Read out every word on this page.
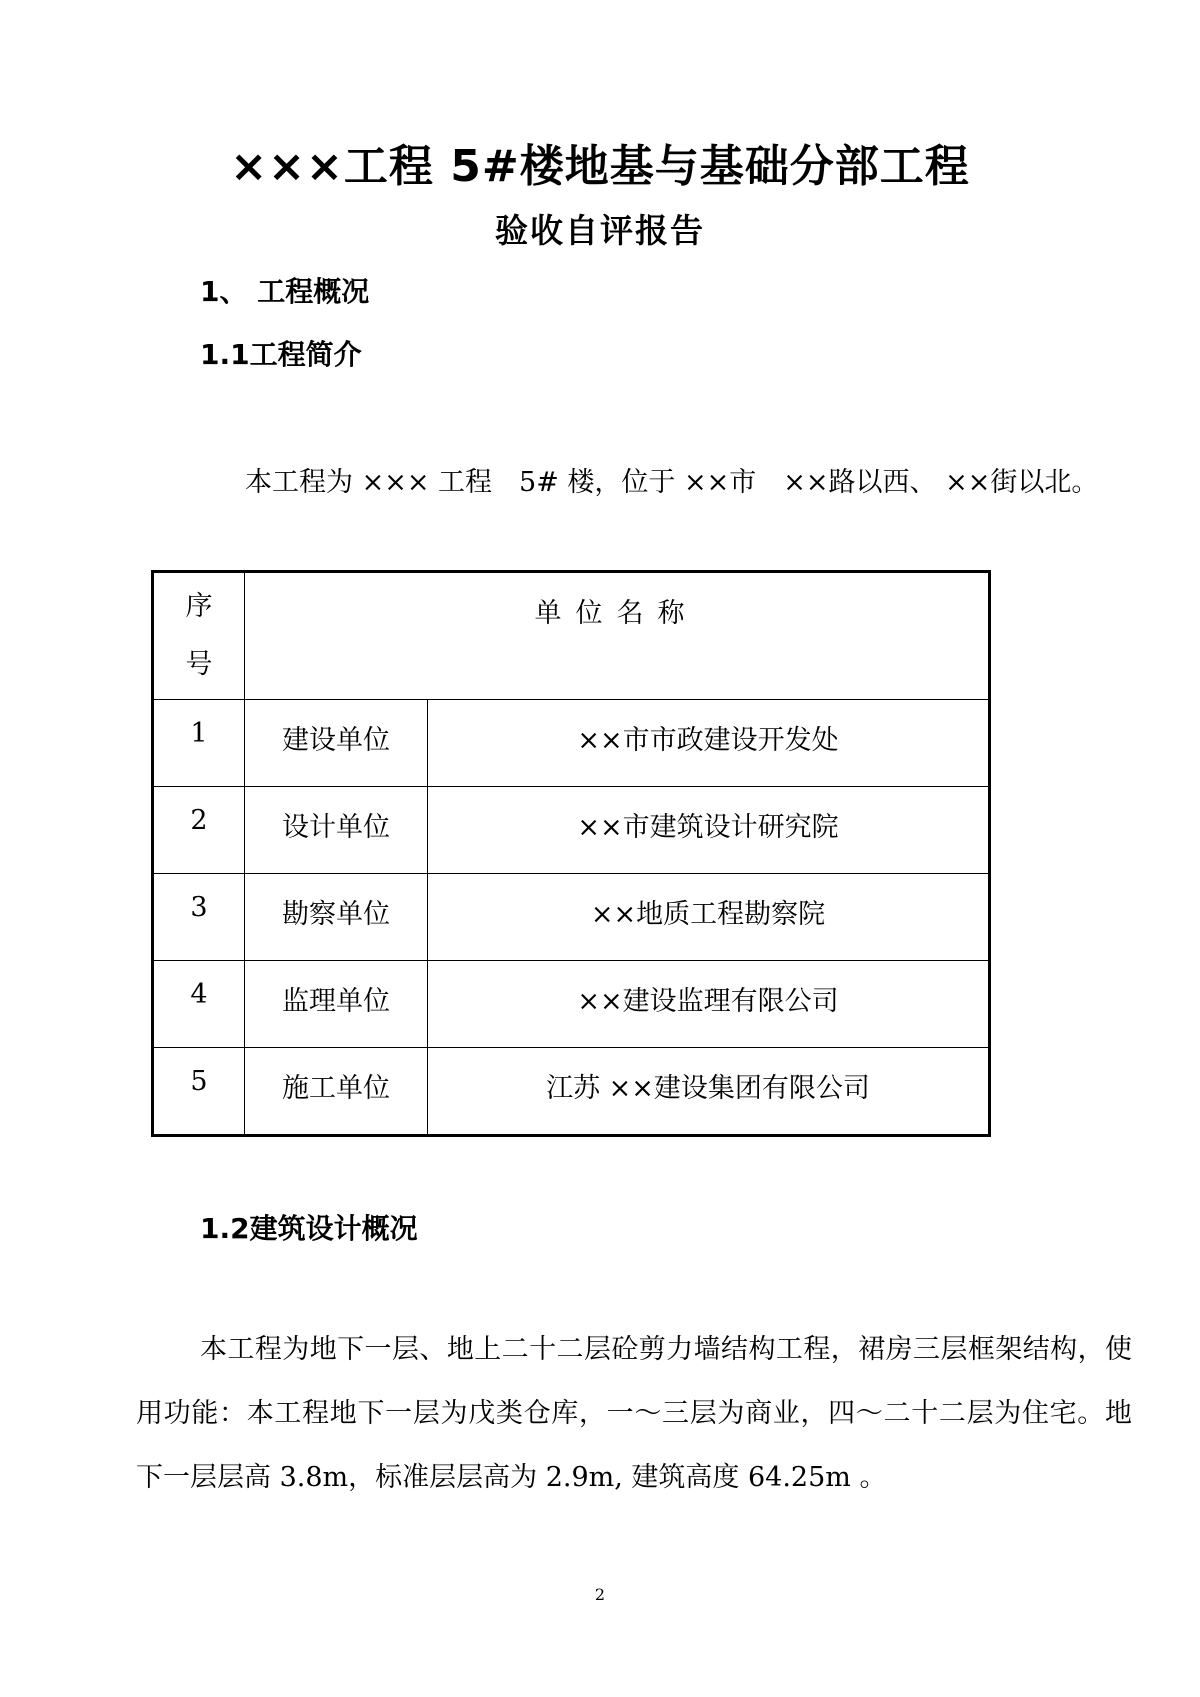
×××工程 5#楼地基与基础分部工程
验收自评报告
1、 工程概况
1.1工程简介
本工程为 ××× 工程　5# 楼，位于 ××市　××路以西、 ××街以北。
序
号	单位名称	
1	建设单位	××市市政建设开发处
2	设计单位	××市建筑设计研究院
3	勘察单位	××地质工程勘察院
4	监理单位	××建设监理有限公司
5	施工单位	江苏 ××建设集团有限公司
1.2建筑设计概况
本工程为地下一层、地上二十二层砼剪力墙结构工程，裙房三层框架结构，使用功能：本工程地下一层为戊类仓库，一～三层为商业，四～二十二层为住宅。地下一层层高 3.8m，标准层层高为 2.9m, 建筑高度 64.25m 。
2
